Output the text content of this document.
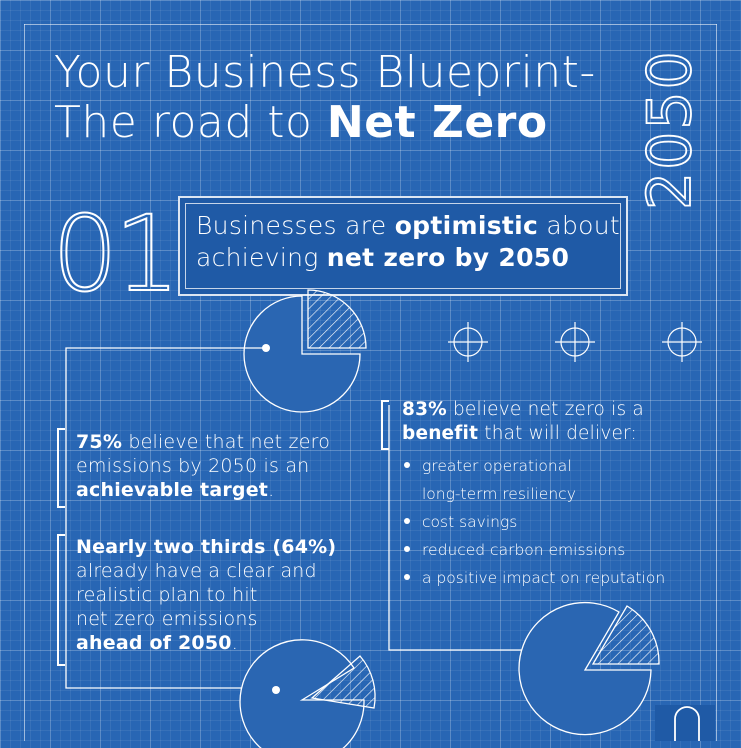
Your Business Blueprint-
The road to Net Zero	2050
01 Businesses are optimistic about
achieving net zero by 2050
75% believe that net zero
emissions by 2050 is an
achievable target.
Nearly two thirds (64%)
already have a clear and
realistic plan to hit
net zero emissions
ahead of 2050.
83% believe net zero is a
benefit that will deliver:
greater operational
long-term resiliency
cost savings
reduced carbon emissions
a positive impact on reputation
